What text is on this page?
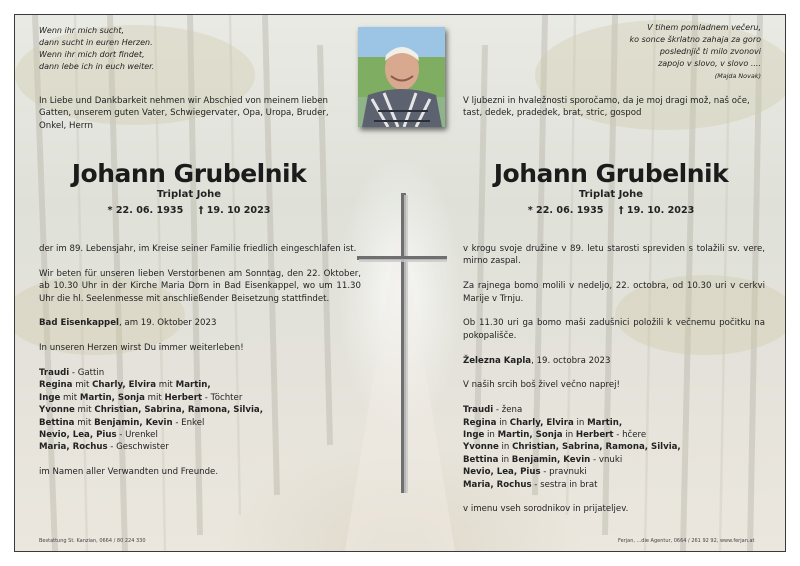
Wenn ihr mich sucht,

dann sucht in euren Herzen.

Wenn ihr mich dort findet,

dann lebe ich in euch weiter.

In Liebe und Dankbarkeit nehmen wir Abschied von meinem lieben Gatten, unserem guten Vater, Schwiegervater, Opa, Uropa, Bruder, Onkel, Herrn
Johann Grubelnik
Triplat Johe
* 22. 06. 1935 † 19. 10 2023

der im 89. Lebensjahr, im Kreise seiner Familie friedlich eingeschlafen ist.

Wir beten für unseren lieben Verstorbenen am Sonntag, den 22. Oktober, ab 10.30 Uhr in der Kirche Maria Dorn in Bad Eisenkappel, wo um 11.30 Uhr die hl. Seelenmesse mit anschließender Beisetzung stattfindet.

Bad Eisenkappel, am 19. Oktober 2023

In unseren Herzen wirst Du immer weiterleben!

Traudi - Gattin
Regina mit Charly, Elvira mit Martin,
Inge mit Martin, Sonja mit Herbert - Töchter
Yvonne mit Christian, Sabrina, Ramona, Silvia,
Bettina mit Benjamin, Kevin - Enkel
Nevio, Lea, Pius - Urenkel
Maria, Rochus - Geschwister

im Namen aller Verwandten und Freunde.

Bestattung St. Kanzian, 0664 / 80 224 330

V tihem pomladnem večeru,

ko sonce škrlatno zahaja za goro

poslednjič ti milo zvonovi

zapojo v slovo, v slovo ....

(Majda Novak)

V ljubezni in hvaležnosti sporočamo, da je moj dragi mož, naš oče, tast, dedek, pradedek, brat, stric, gospod
Johann Grubelnik
Triplat Johe
* 22. 06. 1935 † 19. 10. 2023

v krogu svoje družine v 89. letu starosti spreviden s tolažili sv. vere, mirno zaspal.

Za rajnega bomo molili v nedeljo, 22. octobra, od 10.30 uri v cerkvi Marije v Trnju.

Ob 11.30 uri ga bomo maši zadušnici položili k večnemu počitku na pokopališče.

Železna Kapla, 19. octobra 2023

V naših srcih boš živel večno naprej!

Traudi - žena
Regina in Charly, Elvira in Martin,
Inge in Martin, Sonja in Herbert - hčere
Yvonne in Christian, Sabrina, Ramona, Silvia,
Bettina in Benjamin, Kevin - vnuki
Nevio, Lea, Pius - pravnuki
Maria, Rochus - sestra in brat

v imenu vseh sorodnikov in prijateljev.

Ferjan, ...die Agentur, 0664 / 261 92 92, www.ferjan.at
